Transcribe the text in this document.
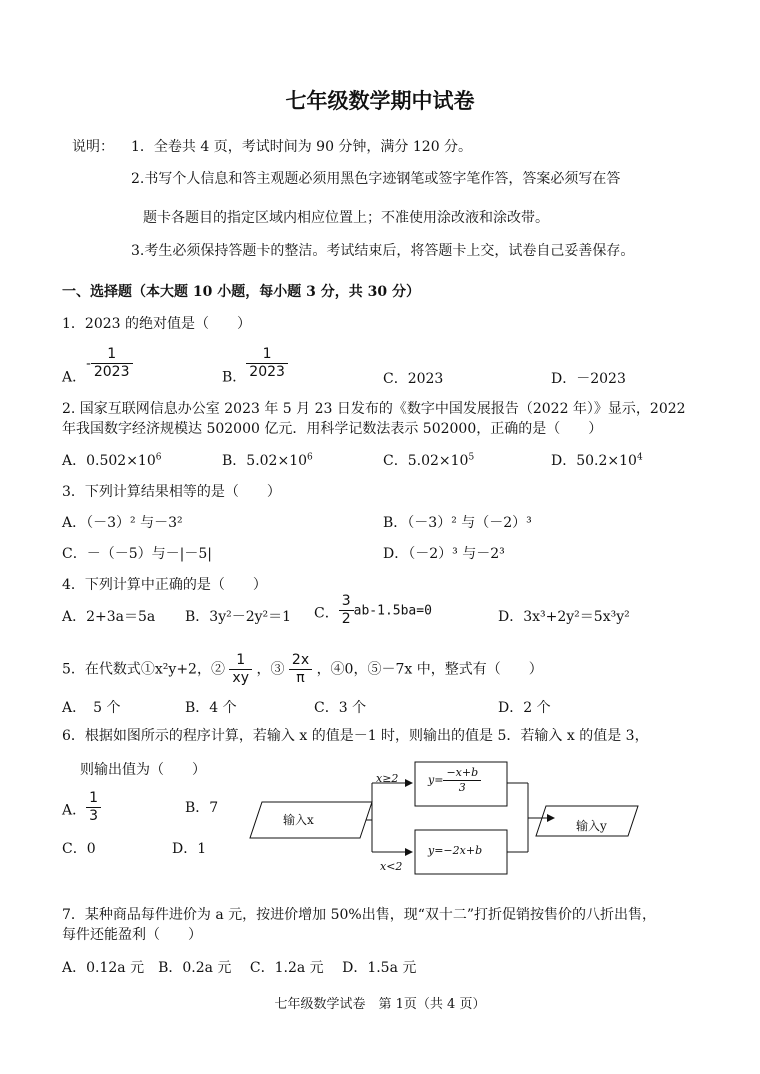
七年级数学期中试卷
说明： 1．全卷共 4 页，考试时间为 90 分钟，满分 120 分。
2.书写个人信息和答主观题必须用黑色字迹钢笔或签字笔作答，答案必须写在答
题卡各题目的指定区域内相应位置上；不准使用涂改液和涂改带。
3.考生必须保持答题卡的整洁。考试结束后，将答题卡上交，试卷自己妥善保存。
一、选择题（本大题 10 小题，每小题 3 分，共 30 分）
1．2023 的绝对值是（　　）
A．- $\frac{1}{2023}$	B． $\frac{1}{2023}$	C．2023	D．－2023
2. 国家互联网信息办公室 2023 年 5 月 23 日发布的《数字中国发展报告（2022 年）》显示，2022
年我国数字经济规模达 502000 亿元．用科学记数法表示 502000，正确的是（　　）
A．$0.502\times 10^6$	B．$5.02\times 10^6$	C．$5.02\times 10^5$	D．$50.2\times 10^4$
3．下列计算结果相等的是（　　）
A．（－3）² 与－3²	B．（－3）² 与（－2）³
C．－（－5）与－|－5|	D．（－2）³ 与－2³
4．下列计算中正确的是（　　）
A．2+3a＝5a B．3y²－2y²＝1 C． $\frac{3}{2} ab-1.5ba=0$	D．3x³+2y²＝5x³y²
5．在代数式①x²y+2，② $\frac{1}{xy}$ ，③ $\frac{2x}{\pi}$ ，④0，⑤－7x 中，整式有（　　）
A．　5 个	B．4 个	C．3 个	D．2 个
6．根据如图所示的程序计算，若输入 x 的值是－1 时，则输出的值是 5．若输入 x 的值是 3，
则输出值为（　　）
A． $\frac{1}{3}$	B．7
C．0	D．1
输入x	输入y
x≥2
x<2
$y= \frac{-x+b}{3}$
y=−2x+b
7．某种商品每件进价为 a 元，按进价增加 50%出售，现“双十二”打折促销按售价的八折出售，
每件还能盈利（　　）
A．0.12a 元　B．0.2a 元　 C．1.2a 元　 D．1.5a 元
七年级数学试卷　第 1页（共 4 页）
